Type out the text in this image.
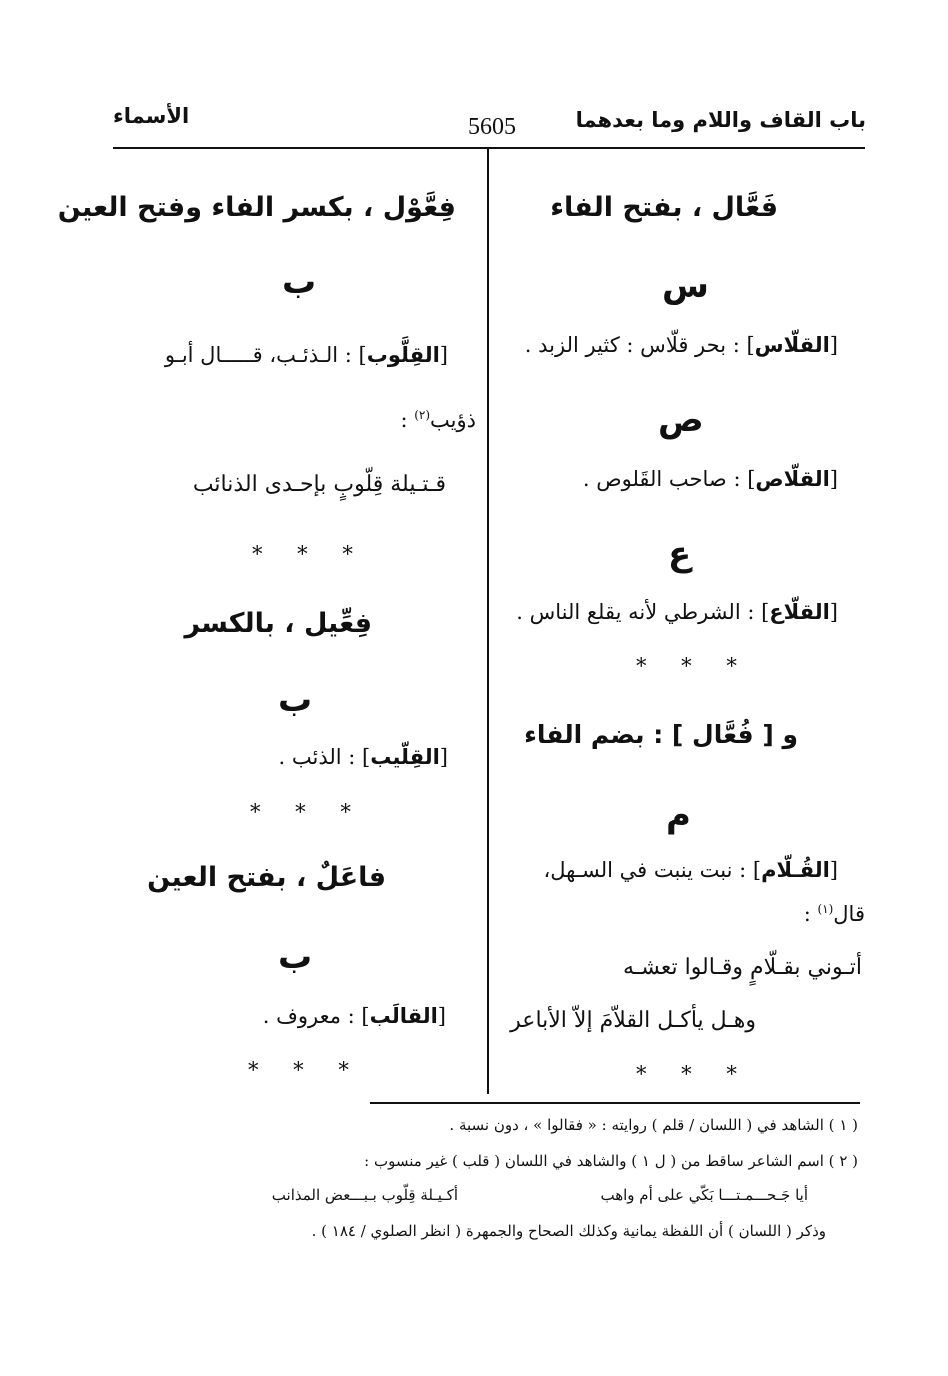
باب القاف واللام وما بعدهما
5605
الأسماء
فَعَّال ، بفتح الفاء
س
[القلّاس] : بحر قلّاس : كثير الزبد .
ص
[القلّاص] : صاحب القَلوص .
ع
[القلّاع] : الشرطي لأنه يقلع الناس .
* * *
و [ فُعَّال ] : بضم الفاء
م
[القُـلّام] : نبت ينبت في السـهل،
قال$^{(١)}$ :
أتـوني بقـلّامٍ وقـالوا تعشـه
وهـل يأكـل القلاّمَ إلاّ الأباعر
* * *
فِعَّوْل ، بكسر الفاء وفتح العين
ب
[القِلَّوب] : الـذئـب، قـــــال أبـو
ذؤيب$^{(٢)}$ :
قـتـيلة قِلّوبٍ بإحـدى الذنائب
* * *
فِعِّيل ، بالكسر
ب
[القِلّيب] : الذئب .
* * *
فاعَلٌ ، بفتح العين
ب
[القالَب] : معروف .
* * *
( ١ ) الشاهد في ( اللسان / قلم ) روايته : « فقالوا » ، دون نسبة .
( ٢ ) اسم الشاعر ساقط من ( ل ١ ) والشاهد في اللسان ( قلب ) غير منسوب :
أيا جَـحـــمـتـــا بَكّي على أم واهب
أكـيـلة قِلّوب بـبـــعض المذانب
وذكر ( اللسان ) أن اللفظة يمانية وكذلك الصحاح والجمهرة ( انظر الصلوي / ١٨٤ ) .
